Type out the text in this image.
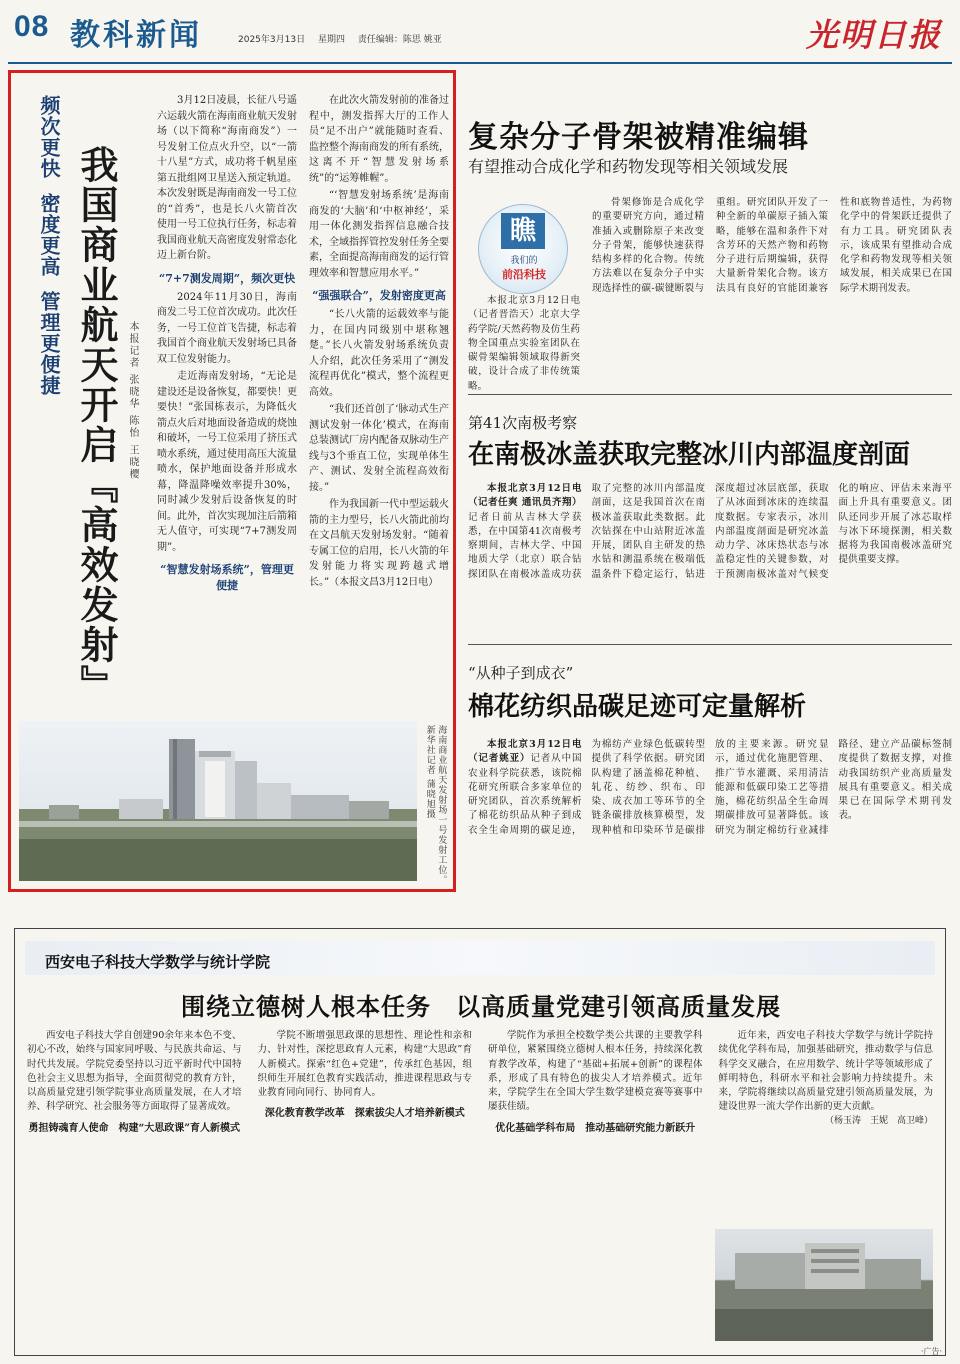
08 教科新闻	2025年3月13日 星期四 责任编辑：陈思 姚亚	光明日报
频次更快
密度更高
管理更便捷 我国商业航天开启『高效发射』 本报记者 张晓华 陈怡 王晓樱

3月12日凌晨，长征八号遥六运载火箭在海南商业航天发射场（以下简称“海南商发”）一号发射工位点火升空，以“一箭十八星”方式，成功将千帆星座第五批组网卫星送入预定轨道。本次发射既是海南商发一号工位的“首秀”，也是长八火箭首次使用一号工位执行任务，标志着我国商业航天高密度发射常态化迈上新台阶。

“7+7测发周期”，频次更快

2024年11月30日，海南商发二号工位首次成功。此次任务，一号工位首飞告捷，标志着我国首个商业航天发射场已具备双工位发射能力。

走近海南发射场，“无论是建设还是设备恢复，都要快！更要快！”张国栋表示，为降低火箭点火后对地面设备造成的烧蚀和破坏，一号工位采用了挤压式喷水系统，通过使用高压大流量喷水，保护地面设备并形成水幕，降温降噪效率提升30%，同时减少发射后设备恢复的时间。此外，首次实现加注后箭箱无人值守，可实现“7+7测发周期”。

“智慧发射场系统”，管理更便捷

在此次火箭发射前的准备过程中，测发指挥大厅的工作人员“足不出户”就能随时查看、监控整个海南商发的所有系统，这离不开“智慧发射场系统”的“运筹帷幄”。

“‘智慧发射场系统’是海南商发的‘大脑’和‘中枢神经’，采用一体化测发指挥信息融合技术，全域指挥管控发射任务全要素，全面提高海南商发的运行管理效率和智慧应用水平。”

“强强联合”，发射密度更高

“长八火箭的运载效率与能力，在国内同级别中堪称翘楚。”长八火箭发射场系统负责人介绍，此次任务采用了“测发流程再优化”模式，整个流程更高效。

“我们还首创了‘脉动式生产测试发射一体化’模式，在海南总装测试厂房内配备双脉动生产线与3个垂直工位，实现单体生产、测试、发射全流程高效衔接。”

作为我国新一代中型运载火箭的主力型号，长八火箭此前均在文昌航天发射场发射。“随着专属工位的启用，长八火箭的年发射能力将实现跨越式增长。”（本报文昌3月12日电）

海南商业航天发射场一号发射工位。新华社记者 蒲晓旭摄
复杂分子骨架被精准编辑
有望推动合成化学和药物发现等相关领域发展
瞧
我们的
前沿科技

本报北京3月12日电（记者晋浩天）北京大学药学院/天然药物及仿生药物全国重点实验室团队在碳骨架编辑领域取得新突破，设计合成了非传统策略。

骨架修饰是合成化学的重要研究方向，通过精准插入或删除原子来改变分子骨架，能够快速获得结构多样的化合物。传统方法难以在复杂分子中实现选择性的碳-碳键断裂与重组。研究团队开发了一种全新的单碳原子插入策略，能够在温和条件下对含芳环的天然产物和药物分子进行后期编辑，获得大量新骨架化合物。该方法具有良好的官能团兼容性和底物普适性，为药物化学中的骨架跃迁提供了有力工具。研究团队表示，该成果有望推动合成化学和药物发现等相关领域发展，相关成果已在国际学术期刊发表。

第41次南极考察
在南极冰盖获取完整冰川内部温度剖面

本报北京3月12日电（记者任爽 通讯员齐翔）记者日前从吉林大学获悉，在中国第41次南极考察期间，吉林大学、中国地质大学（北京）联合钻探团队在南极冰盖成功获取了完整的冰川内部温度剖面，这是我国首次在南极冰盖获取此类数据。此次钻探在中山站附近冰盖开展，团队自主研发的热水钻和测温系统在极端低温条件下稳定运行，钻进深度超过冰层底部，获取了从冰面到冰床的连续温度数据。专家表示，冰川内部温度剖面是研究冰盖动力学、冰床热状态与冰盖稳定性的关键参数，对于预测南极冰盖对气候变化的响应、评估未来海平面上升具有重要意义。团队还同步开展了冰芯取样与冰下环境探测，相关数据将为我国南极冰盖研究提供重要支撑。

“从种子到成衣”
棉花纺织品碳足迹可定量解析

本报北京3月12日电（记者姚亚）记者从中国农业科学院获悉，该院棉花研究所联合多家单位的研究团队，首次系统解析了棉花纺织品从种子到成衣全生命周期的碳足迹，为棉纺产业绿色低碳转型提供了科学依据。研究团队构建了涵盖棉花种植、轧花、纺纱、织布、印染、成衣加工等环节的全链条碳排放核算模型，发现种植和印染环节是碳排放的主要来源。研究显示，通过优化施肥管理、推广节水灌溉、采用清洁能源和低碳印染工艺等措施，棉花纺织品全生命周期碳排放可显著降低。该研究为制定棉纺行业减排路径、建立产品碳标签制度提供了数据支撑，对推动我国纺织产业高质量发展具有重要意义。相关成果已在国际学术期刊发表。

西安电子科技大学数学与统计学院
围绕立德树人根本任务　以高质量党建引领高质量发展

西安电子科技大学自创建90余年来本色不变、初心不改，始终与国家同呼吸、与民族共命运、与时代共发展。学院党委坚持以习近平新时代中国特色社会主义思想为指导，全面贯彻党的教育方针，以高质量党建引领学院事业高质量发展，在人才培养、科学研究、社会服务等方面取得了显著成效。

勇担铸魂育人使命　构建“大思政课”育人新模式

学院不断增强思政课的思想性、理论性和亲和力、针对性，深挖思政育人元素，构建“大思政”育人新模式。探索“红色+党建”，传承红色基因，组织师生开展红色教育实践活动，推进课程思政与专业教育同向同行、协同育人。

深化教育教学改革　探索拔尖人才培养新模式

学院作为承担全校数学类公共课的主要教学科研单位，紧紧围绕立德树人根本任务，持续深化教育教学改革，构建了“基础+拓展+创新”的课程体系，形成了具有特色的拔尖人才培养模式。近年来，学院学生在全国大学生数学建模竞赛等赛事中屡获佳绩。

优化基础学科布局　推动基础研究能力新跃升

近年来，西安电子科技大学数学与统计学院持续优化学科布局，加强基础研究，推动数学与信息科学交叉融合，在应用数学、统计学等领域形成了鲜明特色，科研水平和社会影响力持续提升。未来，学院将继续以高质量党建引领高质量发展，为建设世界一流大学作出新的更大贡献。

（杨玉涛　王妮　高卫峰）

·广告·
